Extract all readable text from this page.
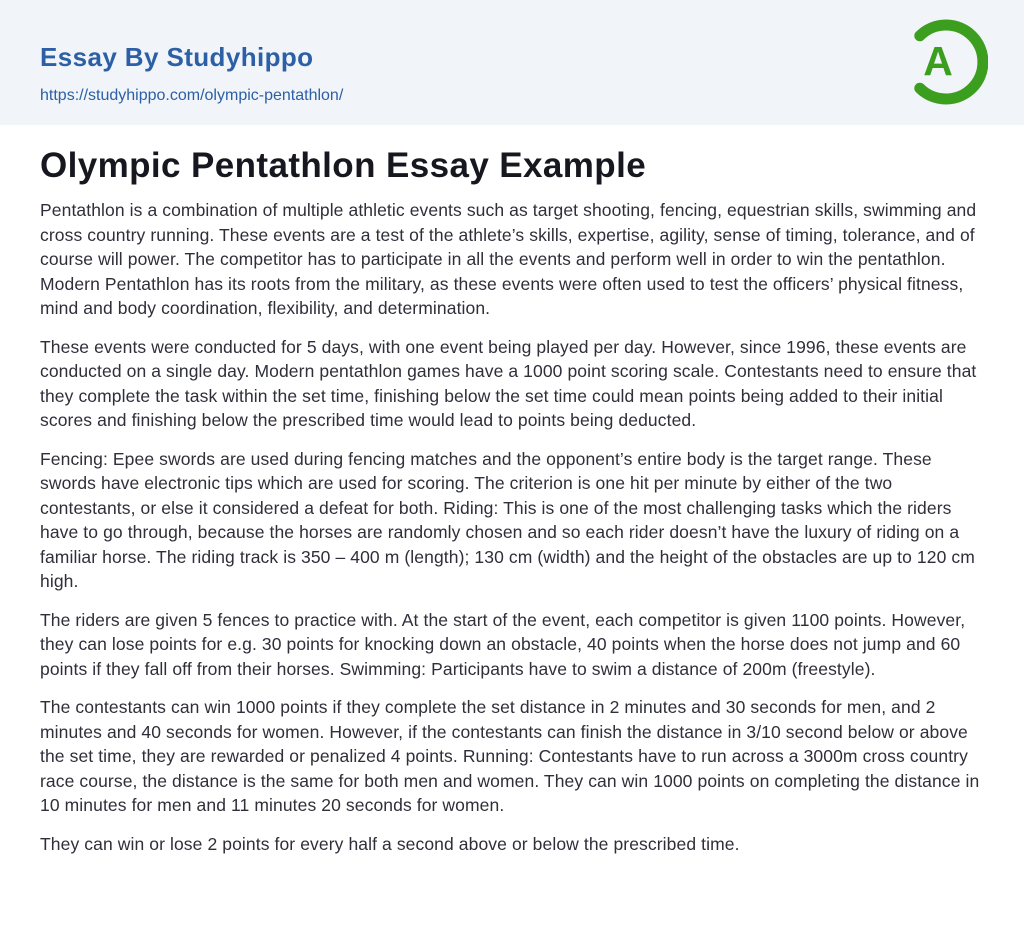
Essay By Studyhippo
https://studyhippo.com/olympic-pentathlon/
A
Olympic Pentathlon Essay Example

Pentathlon is a combination of multiple athletic events such as target shooting, fencing, equestrian skills, swimming and cross country running. These events are a test of the athlete’s skills, expertise, agility, sense of timing, tolerance, and of course will power. The competitor has to participate in all the events and perform well in order to win the pentathlon. Modern Pentathlon has its roots from the military, as these events were often used to test the officers’ physical fitness, mind and body coordination, flexibility, and determination.

These events were conducted for 5 days, with one event being played per day. However, since 1996, these events are conducted on a single day. Modern pentathlon games have a 1000 point scoring scale. Contestants need to ensure that they complete the task within the set time, finishing below the set time could mean points being added to their initial scores and finishing below the prescribed time would lead to points being deducted.

Fencing: Epee swords are used during fencing matches and the opponent’s entire body is the target range. These swords have electronic tips which are used for scoring. The criterion is one hit per minute by either of the two contestants, or else it considered a defeat for both. Riding: This is one of the most challenging tasks which the riders have to go through, because the horses are randomly chosen and so each rider doesn’t have the luxury of riding on a familiar horse. The riding track is 350 – 400 m (length); 130 cm (width) and the height of the obstacles are up to 120 cm high.

The riders are given 5 fences to practice with. At the start of the event, each competitor is given 1100 points. However, they can lose points for e.g. 30 points for knocking down an obstacle, 40 points when the horse does not jump and 60 points if they fall off from their horses. Swimming: Participants have to swim a distance of 200m (freestyle).

The contestants can win 1000 points if they complete the set distance in 2 minutes and 30 seconds for men, and 2 minutes and 40 seconds for women. However, if the contestants can finish the distance in 3/10 second below or above the set time, they are rewarded or penalized 4 points. Running: Contestants have to run across a 3000m cross country race course, the distance is the same for both men and women. They can win 1000 points on completing the distance in 10 minutes for men and 11 minutes 20 seconds for women.

They can win or lose 2 points for every half a second above or below the prescribed time.
